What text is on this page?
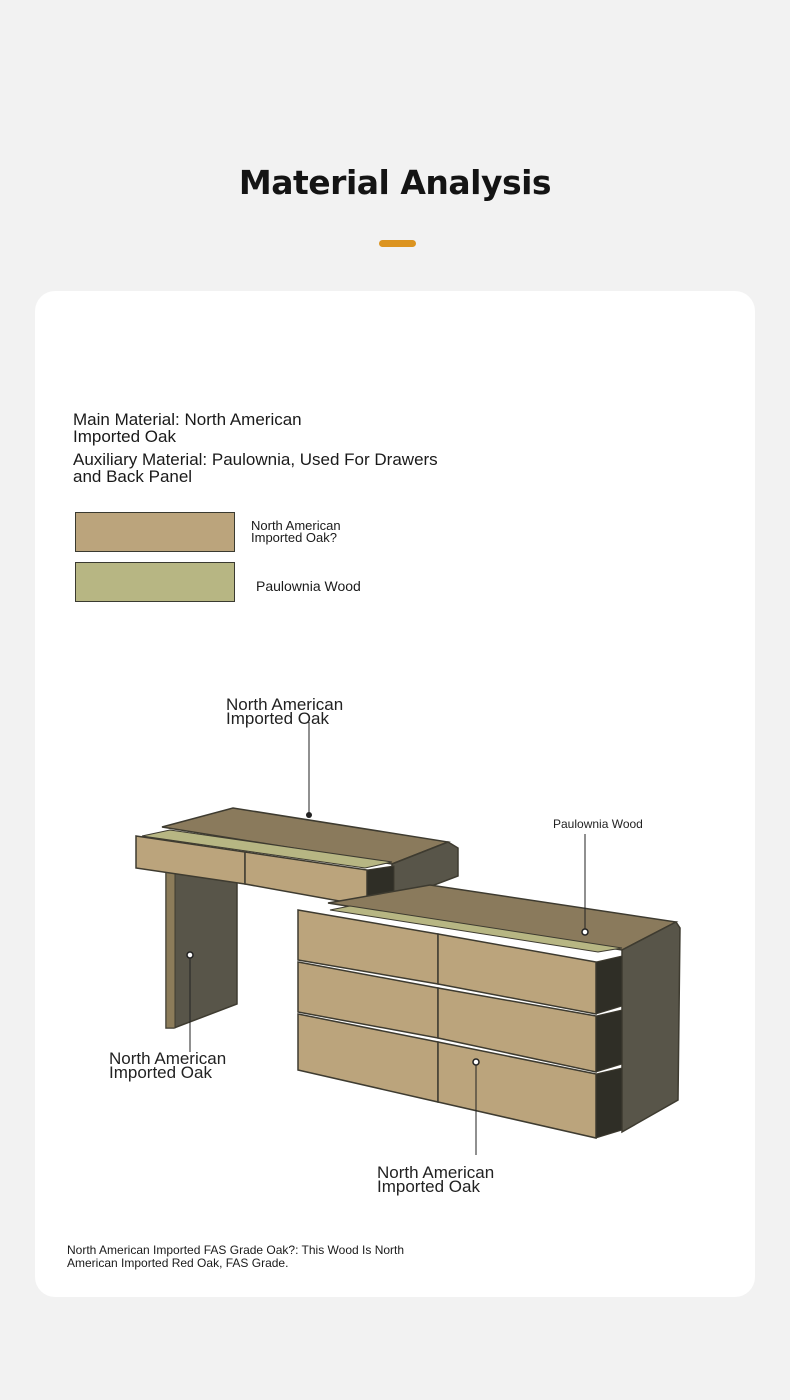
Material Analysis
Main Material: North American
Imported Oak
Auxiliary Material: Paulownia, Used For Drawers
and Back Panel
North American
Imported Oak?
Paulownia Wood
North American
Imported Oak
North American
Imported Oak
North American
Imported Oak
Paulownia Wood
North American Imported FAS Grade Oak?: This Wood Is North
American Imported Red Oak, FAS Grade.
